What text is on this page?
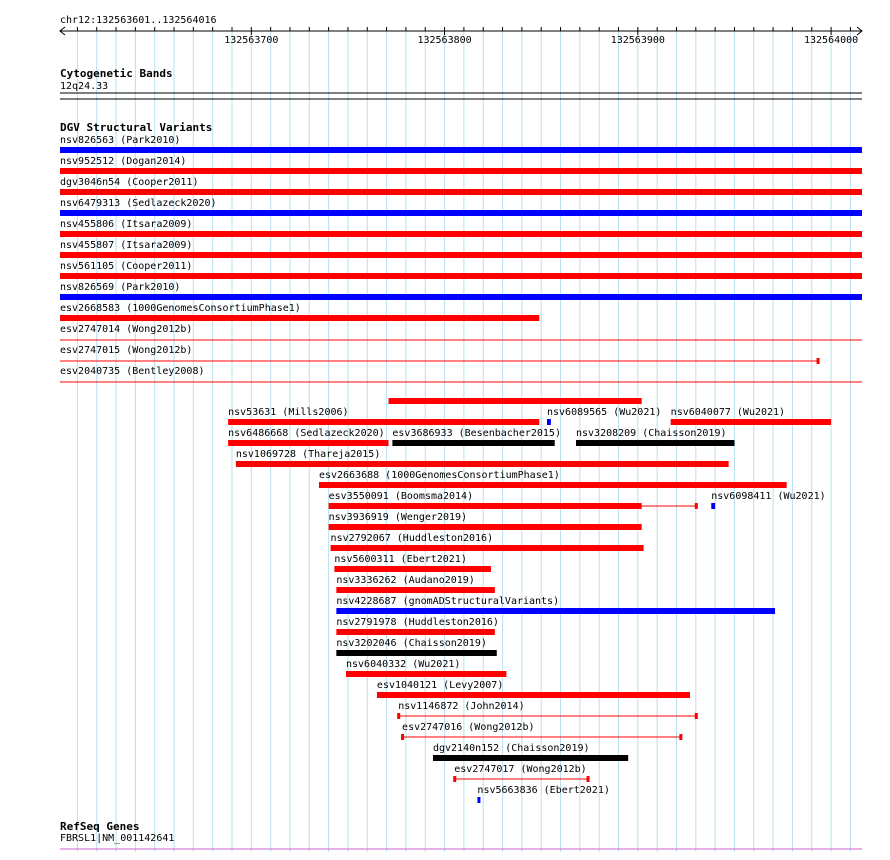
chr12:132563601..132564016
Cytogenetic Bands
12q24.33
DGV Structural Variants
RefSeq Genes
FBRSL1|NM_001142641
132563700	132563800	132563900	132564000
nsv826563 (Park2010)
nsv952512 (Dogan2014)
dgv3046n54 (Cooper2011)
nsv6479313 (Sedlazeck2020)
nsv455806 (Itsara2009)
nsv455807 (Itsara2009)
nsv561105 (Cooper2011)
nsv826569 (Park2010)
esv2668583 (1000GenomesConsortiumPhase1)
esv2747014 (Wong2012b)
esv2747015 (Wong2012b)
esv2040735 (Bentley2008)
nsv53631 (Mills2006)	nsv6089565 (Wu2021) nsv6040077 (Wu2021)
nsv6486668 (Sedlazeck2020) esv3686933 (Besenbacher2015) nsv3208209 (Chaisson2019)
nsv1069728 (Thareja2015)
esv2663688 (1000GenomesConsortiumPhase1)
esv3550091 (Boomsma2014)	nsv6098411 (Wu2021)
nsv3936919 (Wenger2019)
nsv2792067 (Huddleston2016)
nsv5600311 (Ebert2021)
nsv3336262 (Audano2019)
nsv4228687 (gnomADStructuralVariants)
nsv2791978 (Huddleston2016)
nsv3202046 (Chaisson2019)
nsv6040332 (Wu2021)
esv1040121 (Levy2007)
nsv1146872 (John2014)
esv2747016 (Wong2012b)
dgv2140n152 (Chaisson2019)
esv2747017 (Wong2012b)
nsv5663836 (Ebert2021)
